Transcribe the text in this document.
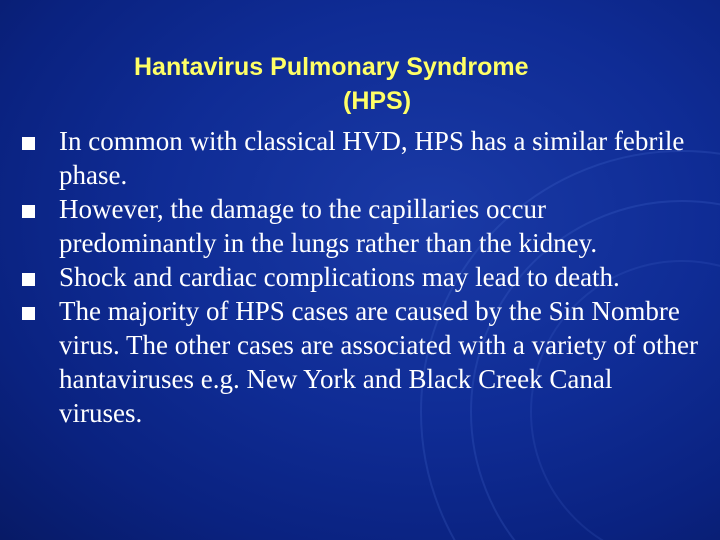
Hantavirus Pulmonary Syndrome
(HPS)
In common with classical HVD, HPS has a similar febrile phase.
However, the damage to the capillaries occur predominantly in the lungs rather than the kidney.
Shock and cardiac complications may lead to death.
The majority of HPS cases are caused by the Sin Nombre virus. The other cases are associated with a variety of other hantaviruses e.g. New York and Black Creek Canal viruses.
